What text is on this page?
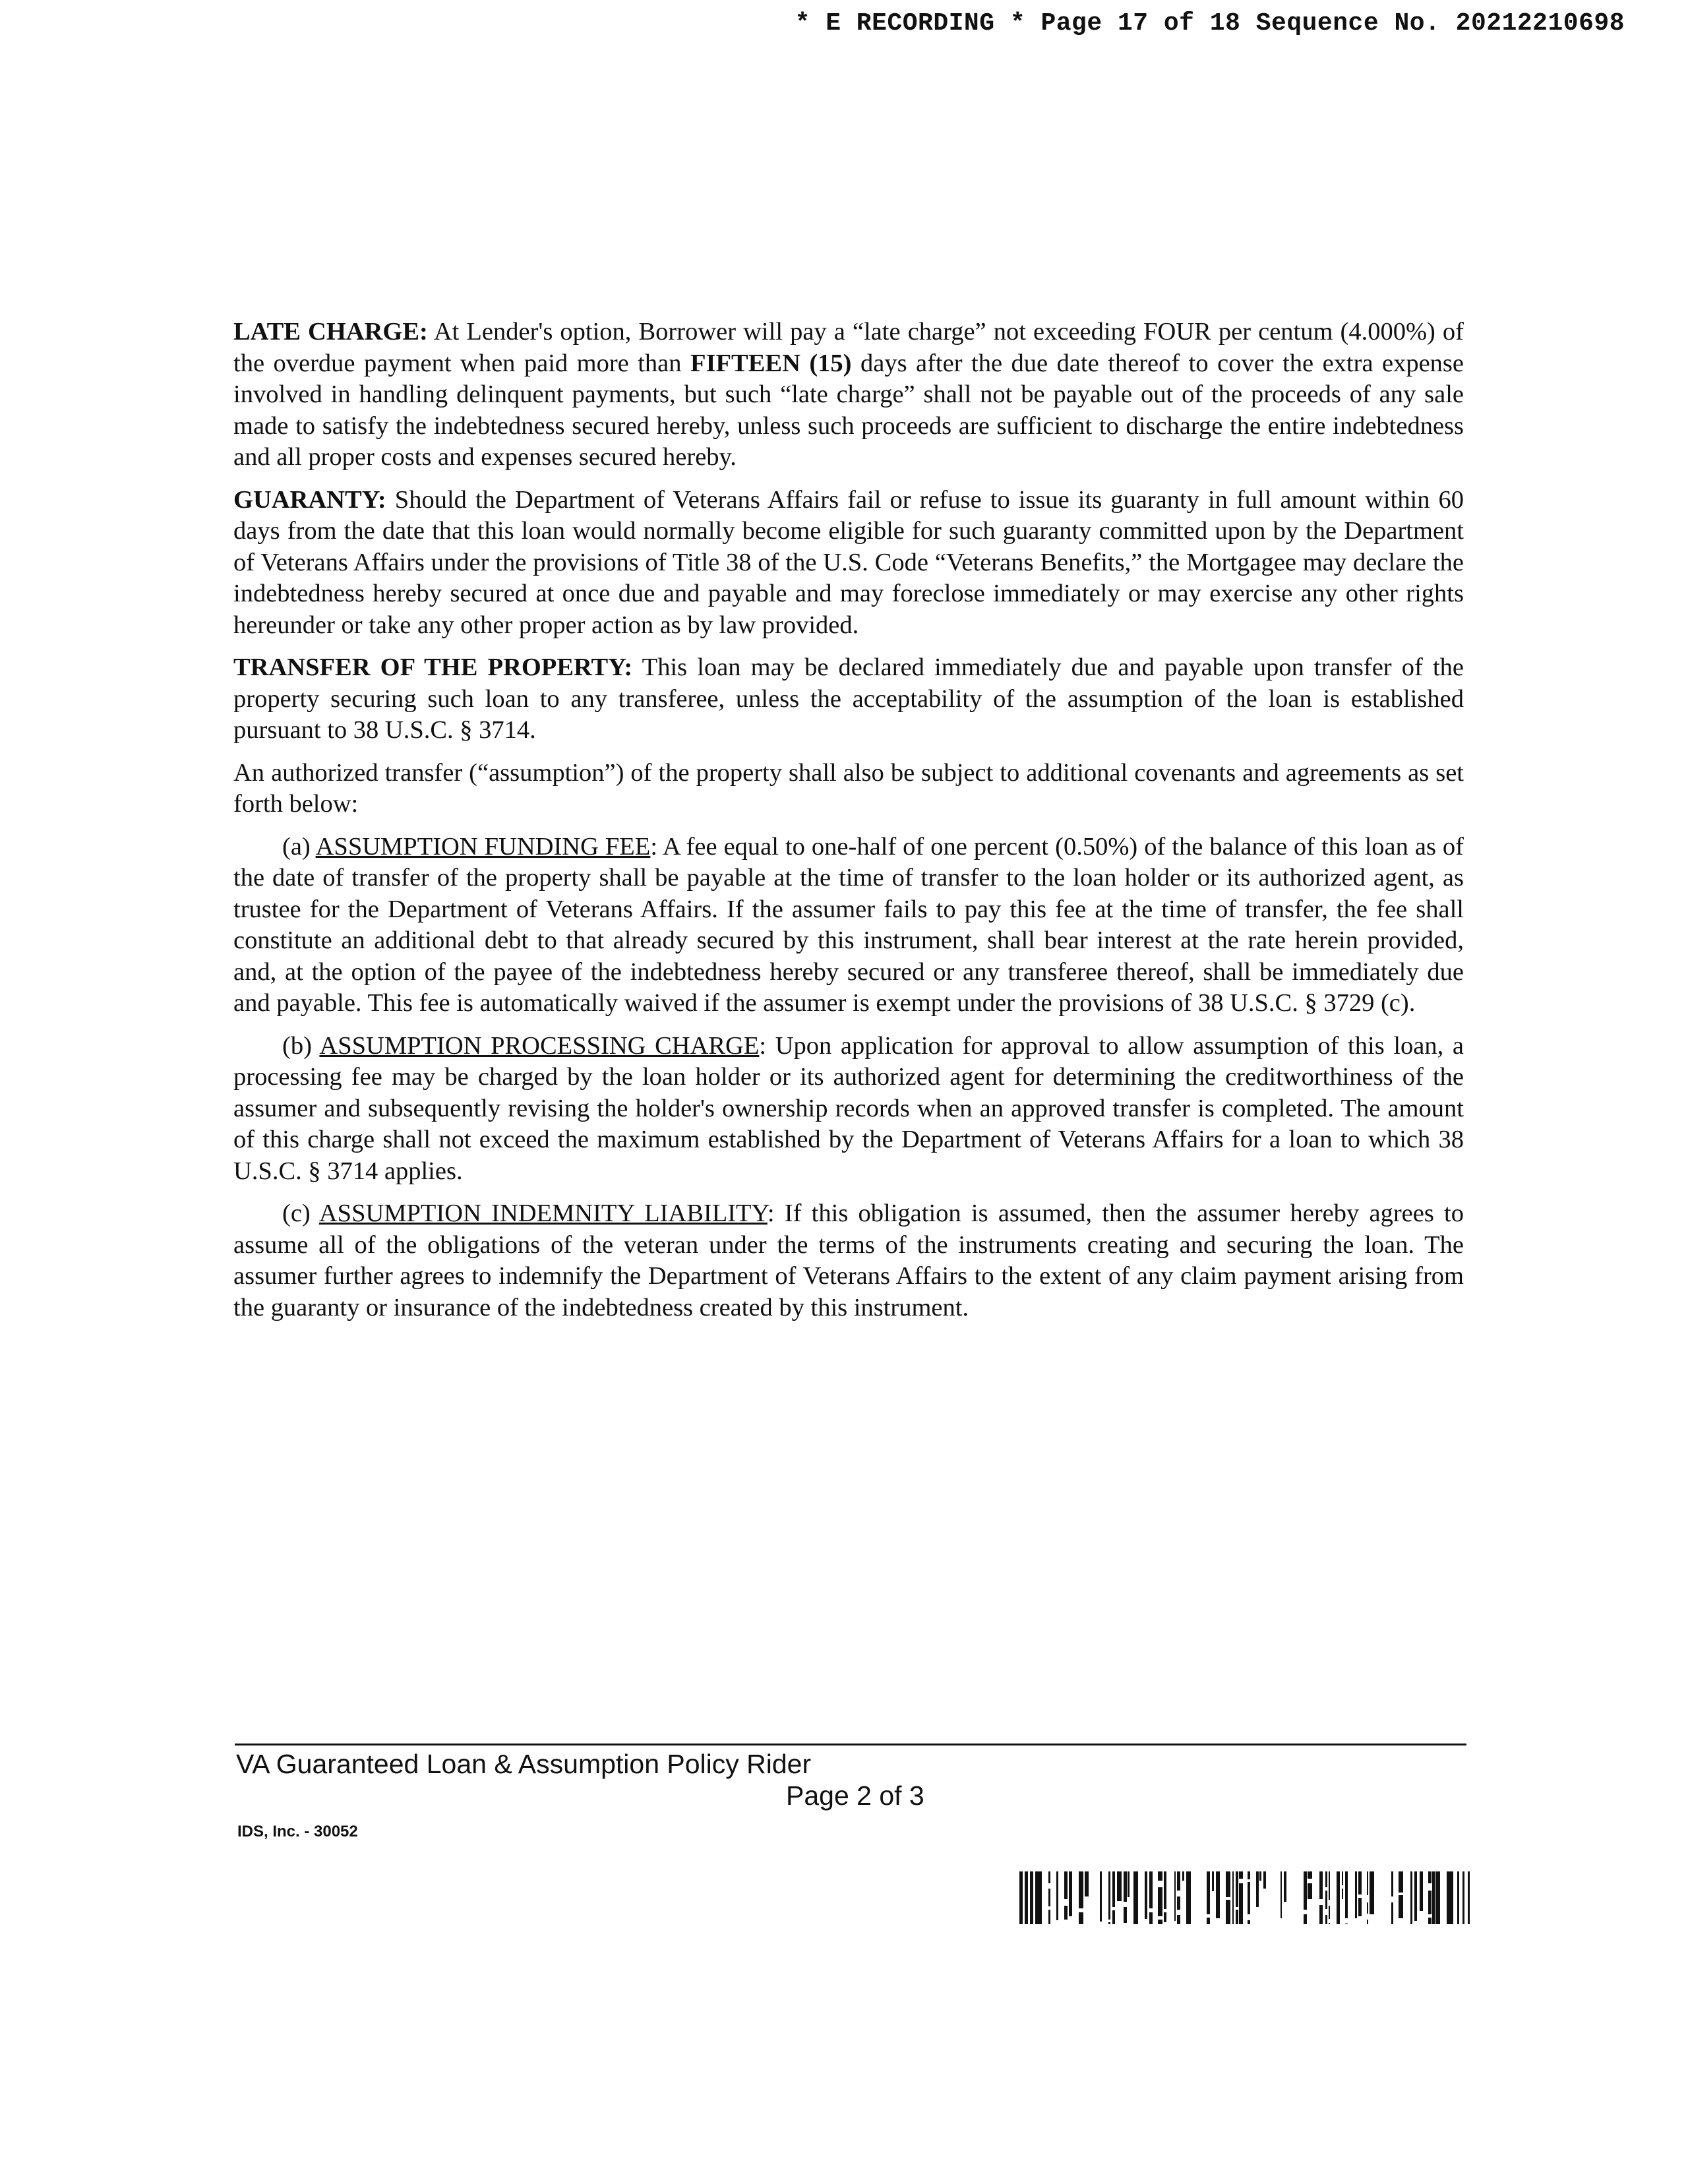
* E RECORDING * Page 17 of 18 Sequence No. 20212210698

LATE CHARGE: At Lender's option, Borrower will pay a “late charge” not exceeding FOUR per centum (4.000%) of the overdue payment when paid more than FIFTEEN (15) days after the due date thereof to cover the extra expense involved in handling delinquent payments, but such “late charge” shall not be payable out of the proceeds of any sale made to satisfy the indebtedness secured hereby, unless such proceeds are sufficient to discharge the entire indebtedness and all proper costs and expenses secured hereby.

GUARANTY: Should the Department of Veterans Affairs fail or refuse to issue its guaranty in full amount within 60 days from the date that this loan would normally become eligible for such guaranty committed upon by the Department of Veterans Affairs under the provisions of Title 38 of the U.S. Code “Veterans Benefits,” the Mortgagee may declare the indebtedness hereby secured at once due and payable and may foreclose immediately or may exercise any other rights hereunder or take any other proper action as by law provided.

TRANSFER OF THE PROPERTY: This loan may be declared immediately due and payable upon transfer of the property securing such loan to any transferee, unless the acceptability of the assumption of the loan is established pursuant to 38 U.S.C. § 3714.

An authorized transfer (“assumption”) of the property shall also be subject to additional covenants and agreements as set forth below:

(a) ASSUMPTION FUNDING FEE: A fee equal to one-half of one percent (0.50%) of the balance of this loan as of the date of transfer of the property shall be payable at the time of transfer to the loan holder or its authorized agent, as trustee for the Department of Veterans Affairs. If the assumer fails to pay this fee at the time of transfer, the fee shall constitute an additional debt to that already secured by this instrument, shall bear interest at the rate herein provided, and, at the option of the payee of the indebtedness hereby secured or any transferee thereof, shall be immediately due and payable. This fee is automatically waived if the assumer is exempt under the provisions of 38 U.S.C. § 3729 (c).

(b) ASSUMPTION PROCESSING CHARGE: Upon application for approval to allow assumption of this loan, a processing fee may be charged by the loan holder or its authorized agent for determining the creditworthiness of the assumer and subsequently revising the holder's ownership records when an approved transfer is completed. The amount of this charge shall not exceed the maximum established by the Department of Veterans Affairs for a loan to which 38 U.S.C. § 3714 applies.

(c) ASSUMPTION INDEMNITY LIABILITY: If this obligation is assumed, then the assumer hereby agrees to assume all of the obligations of the veteran under the terms of the instruments creating and securing the loan. The assumer further agrees to indemnify the Department of Veterans Affairs to the extent of any claim payment arising from the guaranty or insurance of the indebtedness created by this instrument.

VA Guaranteed Loan & Assumption Policy Rider
Page 2 of 3
IDS, Inc. - 30052
